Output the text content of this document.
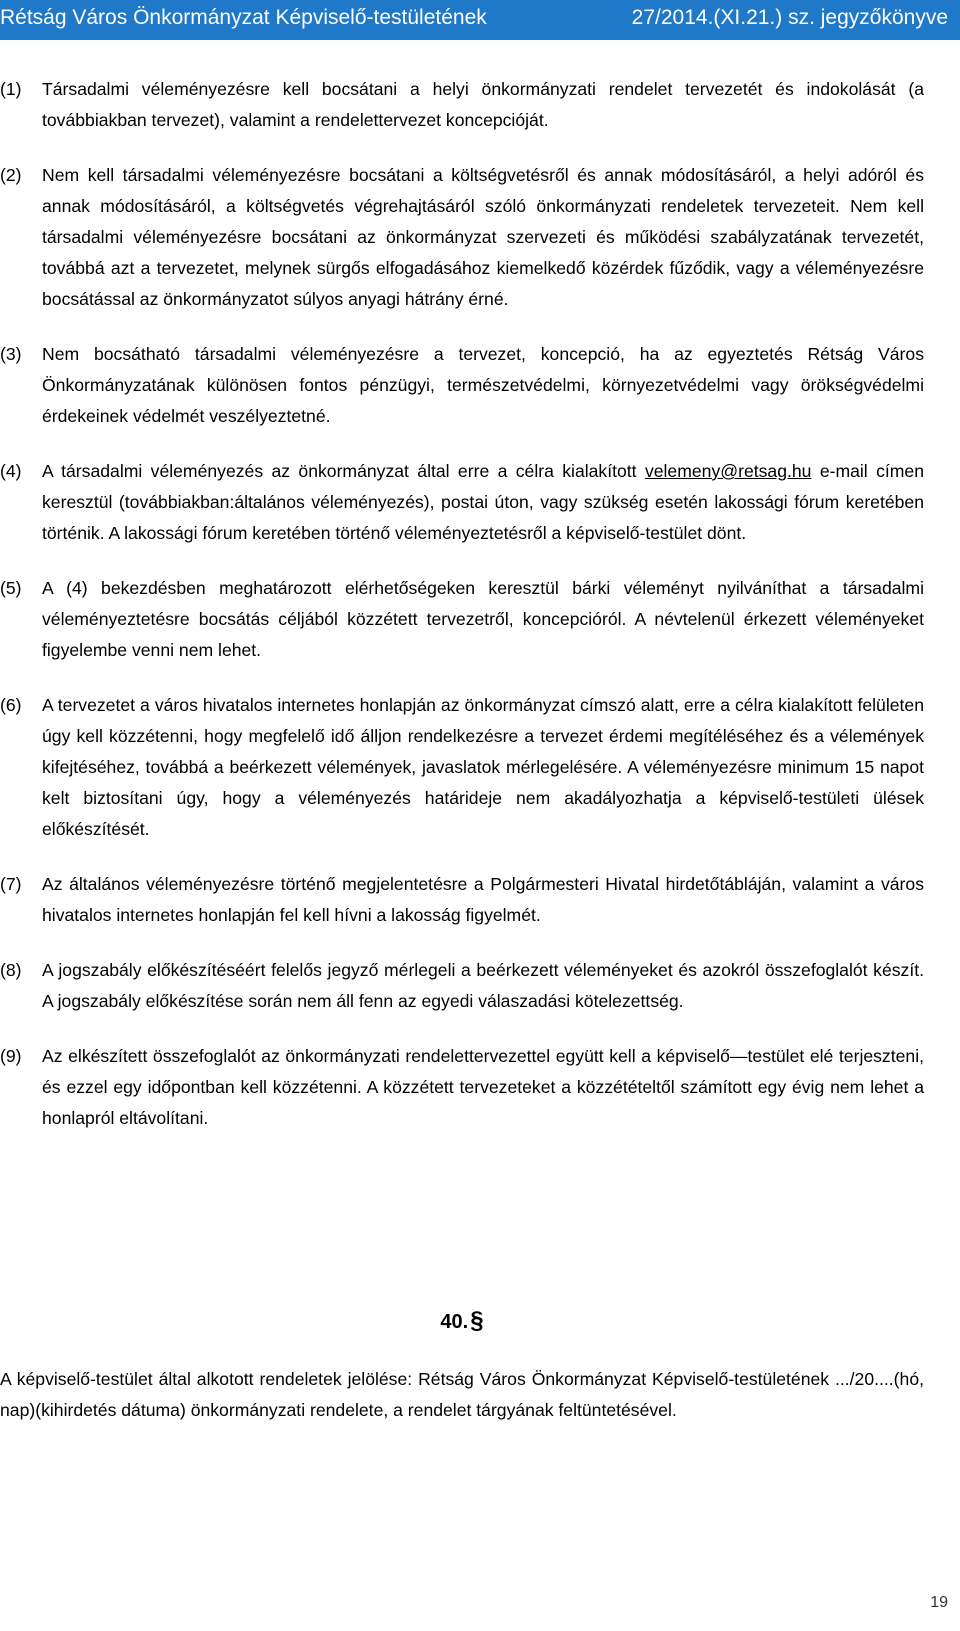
Rétság Város Önkormányzat Képviselő-testületének	27/2014.(XI.21.) sz. jegyzőkönyve
(1) Társadalmi véleményezésre kell bocsátani a helyi önkormányzati rendelet tervezetét és indokolását (a továbbiakban tervezet), valamint a rendelettervezet koncepcióját.
(2) Nem kell társadalmi véleményezésre bocsátani a költségvetésről és annak módosításáról, a helyi adóról és annak módosításáról, a költségvetés végrehajtásáról szóló önkormányzati rendeletek tervezeteit. Nem kell társadalmi véleményezésre bocsátani az önkormányzat szervezeti és működési szabályzatának tervezetét, továbbá azt a tervezetet, melynek sürgős elfogadásához kiemelkedő közérdek fűződik, vagy a véleményezésre bocsátással az önkormányzatot súlyos anyagi hátrány érné.
(3) Nem bocsátható társadalmi véleményezésre a tervezet, koncepció, ha az egyeztetés Rétság Város Önkormányzatának különösen fontos pénzügyi, természetvédelmi, környezetvédelmi vagy örökségvédelmi érdekeinek védelmét veszélyeztetné.
(4) A társadalmi véleményezés az önkormányzat által erre a célra kialakított velemeny@retsag.hu e-mail címen keresztül (továbbiakban:általános véleményezés), postai úton, vagy szükség esetén lakossági fórum keretében történik. A lakossági fórum keretében történő véleményeztetésről a képviselő-testület dönt.
(5) A (4) bekezdésben meghatározott elérhetőségeken keresztül bárki véleményt nyilváníthat a társadalmi véleményeztetésre bocsátás céljából közzétett tervezetről, koncepcióról. A névtelenül érkezett véleményeket figyelembe venni nem lehet.
(6) A tervezetet a város hivatalos internetes honlapján az önkormányzat címszó alatt, erre a célra kialakított felületen úgy kell közzétenni, hogy megfelelő idő álljon rendelkezésre a tervezet érdemi megítéléséhez és a vélemények kifejtéséhez, továbbá a beérkezett vélemények, javaslatok mérlegelésére. A véleményezésre minimum 15 napot kelt biztosítani úgy, hogy a véleményezés határideje nem akadályozhatja a képviselő-testületi ülések előkészítését.
(7) Az általános véleményezésre történő megjelentetésre a Polgármesteri Hivatal hirdetőtábláján, valamint a város hivatalos internetes honlapján fel kell hívni a lakosság figyelmét.
(8) A jogszabály előkészítéséért felelős jegyző mérlegeli a beérkezett véleményeket és azokról összefoglalót készít. A jogszabály előkészítése során nem áll fenn az egyedi válaszadási kötelezettség.
(9) Az elkészített összefoglalót az önkormányzati rendelettervezettel együtt kell a képviselő—testület elé terjeszteni, és ezzel egy időpontban kell közzétenni. A közzétett tervezeteket a közzétételtől számított egy évig nem lehet a honlapról eltávolítani.
40.§
A képviselő-testület által alkotott rendeletek jelölése: Rétság Város Önkormányzat Képviselő-testületének .../20....(hó, nap)(kihirdetés dátuma) önkormányzati rendelete, a rendelet tárgyának feltüntetésével.
19
